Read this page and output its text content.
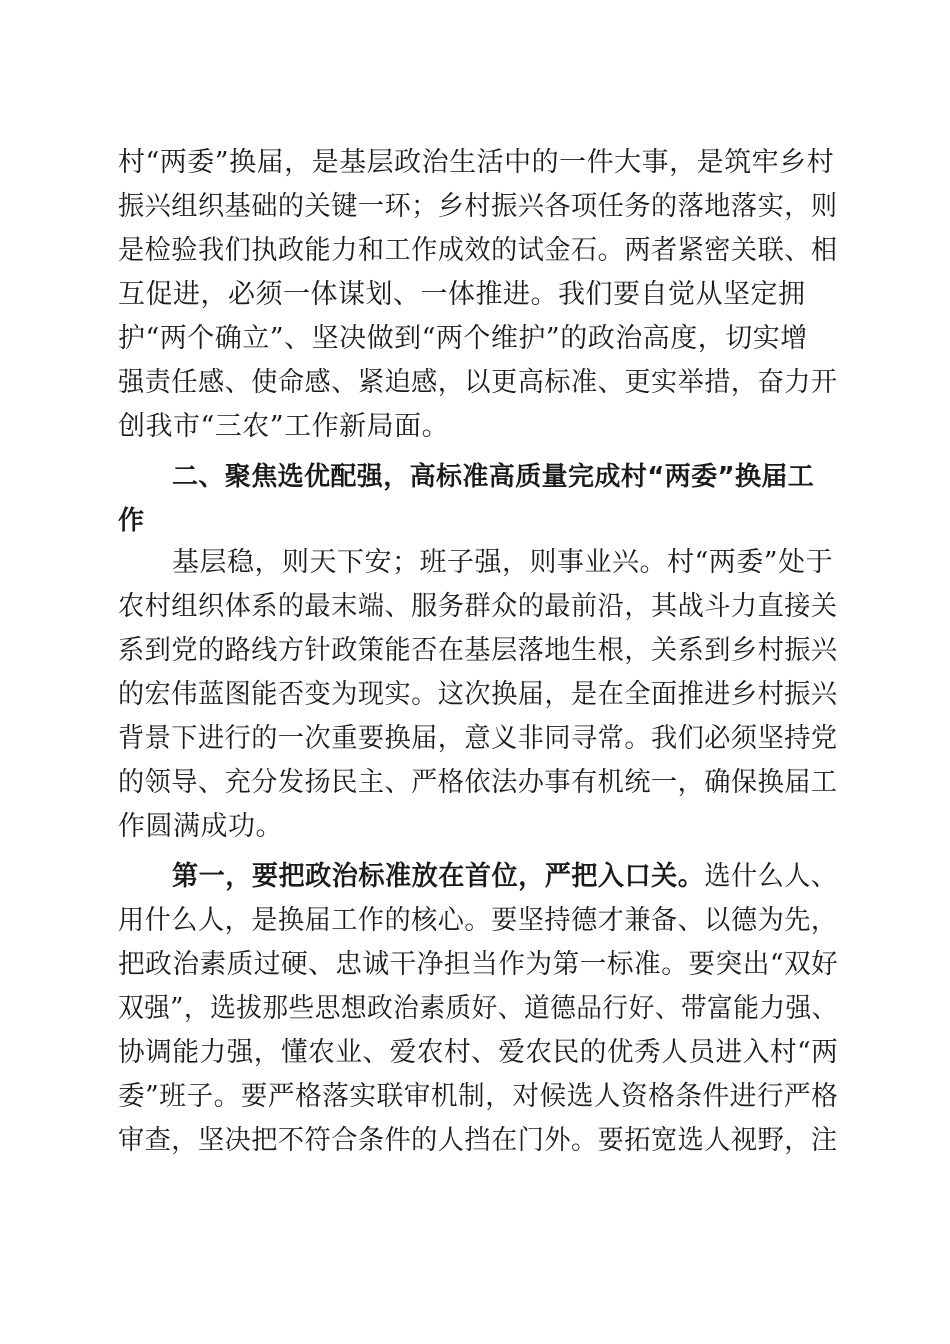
村“两委”换届，是基层政治生活中的一件大事，是筑牢乡村
振兴组织基础的关键一环；乡村振兴各项任务的落地落实，则
是检验我们执政能力和工作成效的试金石。两者紧密关联、相
互促进，必须一体谋划、一体推进。我们要自觉从坚定拥
护“两个确立”、坚决做到“两个维护”的政治高度，切实增
强责任感、使命感、紧迫感，以更高标准、更实举措，奋力开
创我市“三农”工作新局面。
二、聚焦选优配强，高标准高质量完成村“两委”换届工
作
基层稳，则天下安；班子强，则事业兴。村“两委”处于
农村组织体系的最末端、服务群众的最前沿，其战斗力直接关
系到党的路线方针政策能否在基层落地生根，关系到乡村振兴
的宏伟蓝图能否变为现实。这次换届，是在全面推进乡村振兴
背景下进行的一次重要换届，意义非同寻常。我们必须坚持党
的领导、充分发扬民主、严格依法办事有机统一，确保换届工
作圆满成功。
第一，要把政治标准放在首位，严把入口关。选什么人、
用什么人，是换届工作的核心。要坚持德才兼备、以德为先，
把政治素质过硬、忠诚干净担当作为第一标准。要突出“双好
双强”，选拔那些思想政治素质好、道德品行好、带富能力强、
协调能力强，懂农业、爱农村、爱农民的优秀人员进入村“两
委”班子。要严格落实联审机制，对候选人资格条件进行严格
审查，坚决把不符合条件的人挡在门外。要拓宽选人视野，注
